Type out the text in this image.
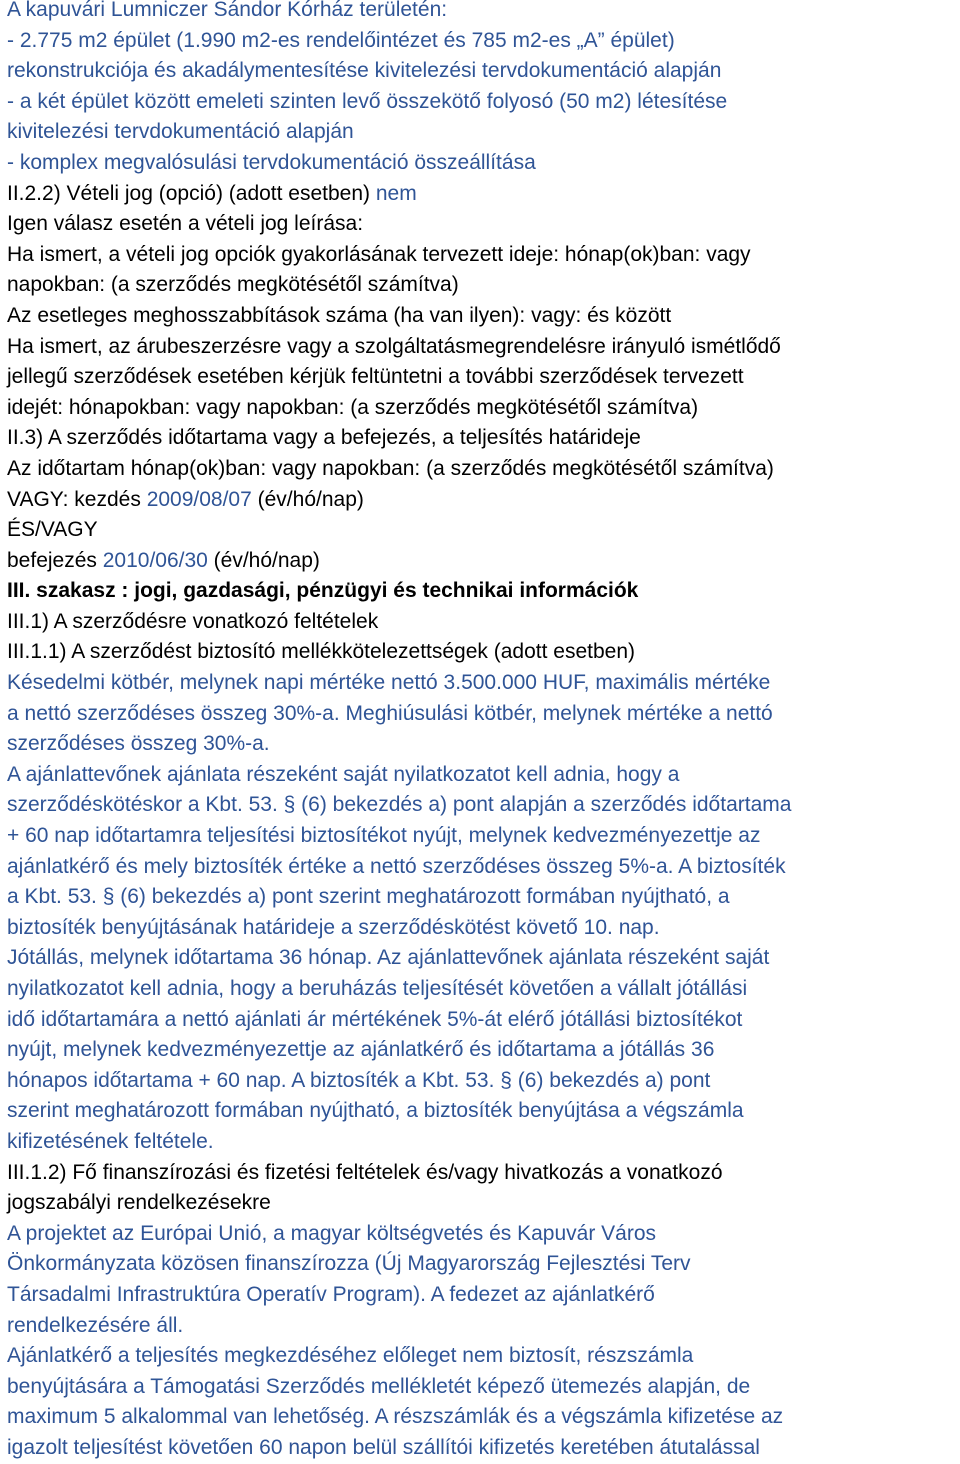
A kapuvári Lumniczer Sándor Kórház területén:
- 2.775 m2 épület (1.990 m2-es rendelőintézet és 785 m2-es „A” épület)
rekonstrukciója és akadálymentesítése kivitelezési tervdokumentáció alapján
- a két épület között emeleti szinten levő összekötő folyosó (50 m2) létesítése
kivitelezési tervdokumentáció alapján
- komplex megvalósulási tervdokumentáció összeállítása
II.2.2) Vételi jog (opció) (adott esetben) nem
Igen válasz esetén a vételi jog leírása:
Ha ismert, a vételi jog opciók gyakorlásának tervezett ideje: hónap(ok)ban: vagy
napokban: (a szerződés megkötésétől számítva)
Az esetleges meghosszabbítások száma (ha van ilyen): vagy: és között
Ha ismert, az árubeszerzésre vagy a szolgáltatásmegrendelésre irányuló ismétlődő
jellegű szerződések esetében kérjük feltüntetni a további szerződések tervezett
idejét: hónapokban: vagy napokban: (a szerződés megkötésétől számítva)
II.3) A szerződés időtartama vagy a befejezés, a teljesítés határideje
Az időtartam hónap(ok)ban: vagy napokban: (a szerződés megkötésétől számítva)
VAGY: kezdés 2009/08/07 (év/hó/nap)
ÉS/VAGY
befejezés 2010/06/30 (év/hó/nap)
III. szakasz : jogi, gazdasági, pénzügyi és technikai információk
III.1) A szerződésre vonatkozó feltételek
III.1.1) A szerződést biztosító mellékkötelezettségek (adott esetben)
Késedelmi kötbér, melynek napi mértéke nettó 3.500.000 HUF, maximális mértéke
a nettó szerződéses összeg 30%-a. Meghiúsulási kötbér, melynek mértéke a nettó
szerződéses összeg 30%-a.
A ajánlattevőnek ajánlata részeként saját nyilatkozatot kell adnia, hogy a
szerződéskötéskor a Kbt. 53. § (6) bekezdés a) pont alapján a szerződés időtartama
+ 60 nap időtartamra teljesítési biztosítékot nyújt, melynek kedvezményezettje az
ajánlatkérő és mely biztosíték értéke a nettó szerződéses összeg 5%-a. A biztosíték
a Kbt. 53. § (6) bekezdés a) pont szerint meghatározott formában nyújtható, a
biztosíték benyújtásának határideje a szerződéskötést követő 10. nap.
Jótállás, melynek időtartama 36 hónap. Az ajánlattevőnek ajánlata részeként saját
nyilatkozatot kell adnia, hogy a beruházás teljesítését követően a vállalt jótállási
idő időtartamára a nettó ajánlati ár mértékének 5%-át elérő jótállási biztosítékot
nyújt, melynek kedvezményezettje az ajánlatkérő és időtartama a jótállás 36
hónapos időtartama + 60 nap. A biztosíték a Kbt. 53. § (6) bekezdés a) pont
szerint meghatározott formában nyújtható, a biztosíték benyújtása a végszámla
kifizetésének feltétele.
III.1.2) Fő finanszírozási és fizetési feltételek és/vagy hivatkozás a vonatkozó
jogszabályi rendelkezésekre
A projektet az Európai Unió, a magyar költségvetés és Kapuvár Város
Önkormányzata közösen finanszírozza (Új Magyarország Fejlesztési Terv
Társadalmi Infrastruktúra Operatív Program). A fedezet az ajánlatkérő
rendelkezésére áll.
Ajánlatkérő a teljesítés megkezdéséhez előleget nem biztosít, részszámla
benyújtására a Támogatási Szerződés mellékletét képező ütemezés alapján, de
maximum 5 alkalommal van lehetőség. A részszámlák és a végszámla kifizetése az
igazolt teljesítést követően 60 napon belül szállítói kifizetés keretében átutalással
